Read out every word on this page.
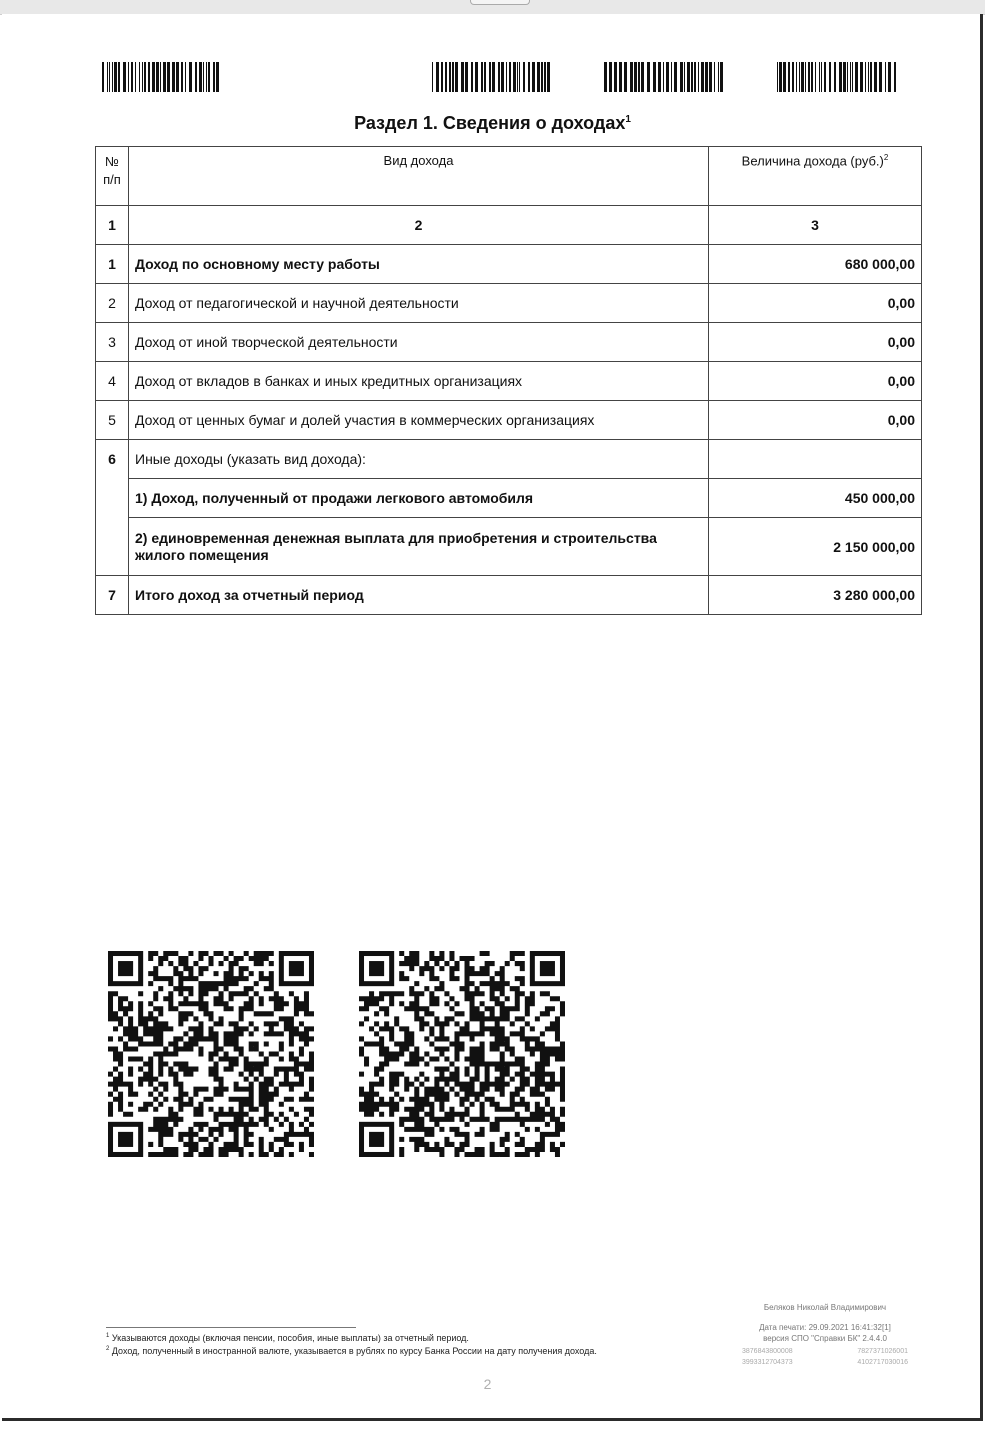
Раздел 1. Сведения о доходах$^1$
№ п/п	Вид дохода	Величина дохода $(руб.)^2$
1	2	3
1	Доход по основному месту работы	680 000,00
2	Доход от педагогической и научной деятельности	0,00
3	Доход от иной творческой деятельности	0,00
4	Доход от вкладов в банках и иных кредитных организациях	0,00
5	Доход от ценных бумаг и долей участия в коммерческих организациях	0,00
6	Иные доходы (указать вид дохода):	
	1) Доход, полученный от продажи легкового автомобиля	450 000,00
	2) единовременная денежная выплата для приобретения и строительства жилого помещения	2 150 000,00
7	Итого доход за отчетный период	3 280 000,00
$^1$ Указываются доходы (включая пенсии, пособия, иные выплаты) за отчетный период.
$^2$ Доход, полученный в иностранной валюте, указывается в рублях по курсу Банка России на дату получения дохода.
Беляков Николай Владимирович
Дата печати: 29.09.2021 16:41:32[1]
версия СПО "Справки БК" 2.4.4.0
3876843800008	7827371026001
3993312704373	4102717030016
2
